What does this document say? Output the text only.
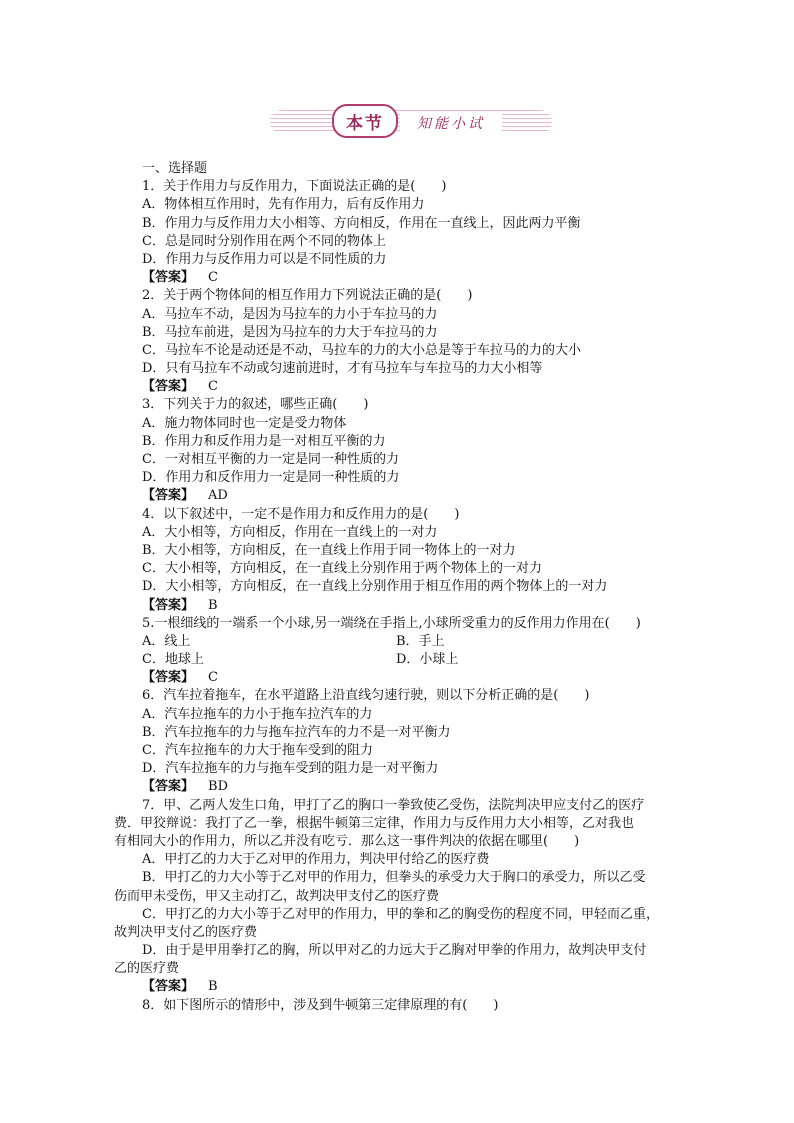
本节	知能小试
一、选择题
1．关于作用力与反作用力，下面说法正确的是(　　)
A．物体相互作用时，先有作用力，后有反作用力
B．作用力与反作用力大小相等、方向相反，作用在一直线上，因此两力平衡
C．总是同时分别作用在两个不同的物体上
D．作用力与反作用力可以是不同性质的力
【答案】 C
2．关于两个物体间的相互作用力下列说法正确的是(　　)
A．马拉车不动，是因为马拉车的力小于车拉马的力
B．马拉车前进，是因为马拉车的力大于车拉马的力
C．马拉车不论是动还是不动，马拉车的力的大小总是等于车拉马的力的大小
D．只有马拉车不动或匀速前进时，才有马拉车与车拉马的力大小相等
【答案】 C
3．下列关于力的叙述，哪些正确(　　)
A．施力物体同时也一定是受力物体
B．作用力和反作用力是一对相互平衡的力
C．一对相互平衡的力一定是同一种性质的力
D．作用力和反作用力一定是同一种性质的力
【答案】 AD
4．以下叙述中，一定不是作用力和反作用力的是(　　)
A．大小相等，方向相反，作用在一直线上的一对力
B．大小相等，方向相反，在一直线上作用于同一物体上的一对力
C．大小相等，方向相反，在一直线上分别作用于两个物体上的一对力
D．大小相等，方向相反，在一直线上分别作用于相互作用的两个物体上的一对力
【答案】 B
5.一根细线的一端系一个小球,另一端绕在手指上,小球所受重力的反作用力作用在(　　)
A．线上	B．手上
C．地球上	D．小球上
【答案】 C
6．汽车拉着拖车，在水平道路上沿直线匀速行驶，则以下分析正确的是(　　)
A．汽车拉拖车的力小于拖车拉汽车的力
B．汽车拉拖车的力与拖车拉汽车的力不是一对平衡力
C．汽车拉拖车的力大于拖车受到的阻力
D．汽车拉拖车的力与拖车受到的阻力是一对平衡力
【答案】 BD
7．甲、乙两人发生口角，甲打了乙的胸口一拳致使乙受伤，法院判决甲应支付乙的医疗
费．甲狡辩说：我打了乙一拳，根据牛顿第三定律，作用力与反作用力大小相等，乙对我也
有相同大小的作用力，所以乙并没有吃亏．那么这一事件判决的依据在哪里(　　)
A．甲打乙的力大于乙对甲的作用力，判决甲付给乙的医疗费
B．甲打乙的力大小等于乙对甲的作用力，但拳头的承受力大于胸口的承受力，所以乙受
伤而甲未受伤，甲又主动打乙，故判决甲支付乙的医疗费
C．甲打乙的力大小等于乙对甲的作用力，甲的拳和乙的胸受伤的程度不同，甲轻而乙重，
故判决甲支付乙的医疗费
D．由于是甲用拳打乙的胸，所以甲对乙的力远大于乙胸对甲拳的作用力，故判决甲支付
乙的医疗费
【答案】 B
8．如下图所示的情形中，涉及到牛顿第三定律原理的有(　　)
